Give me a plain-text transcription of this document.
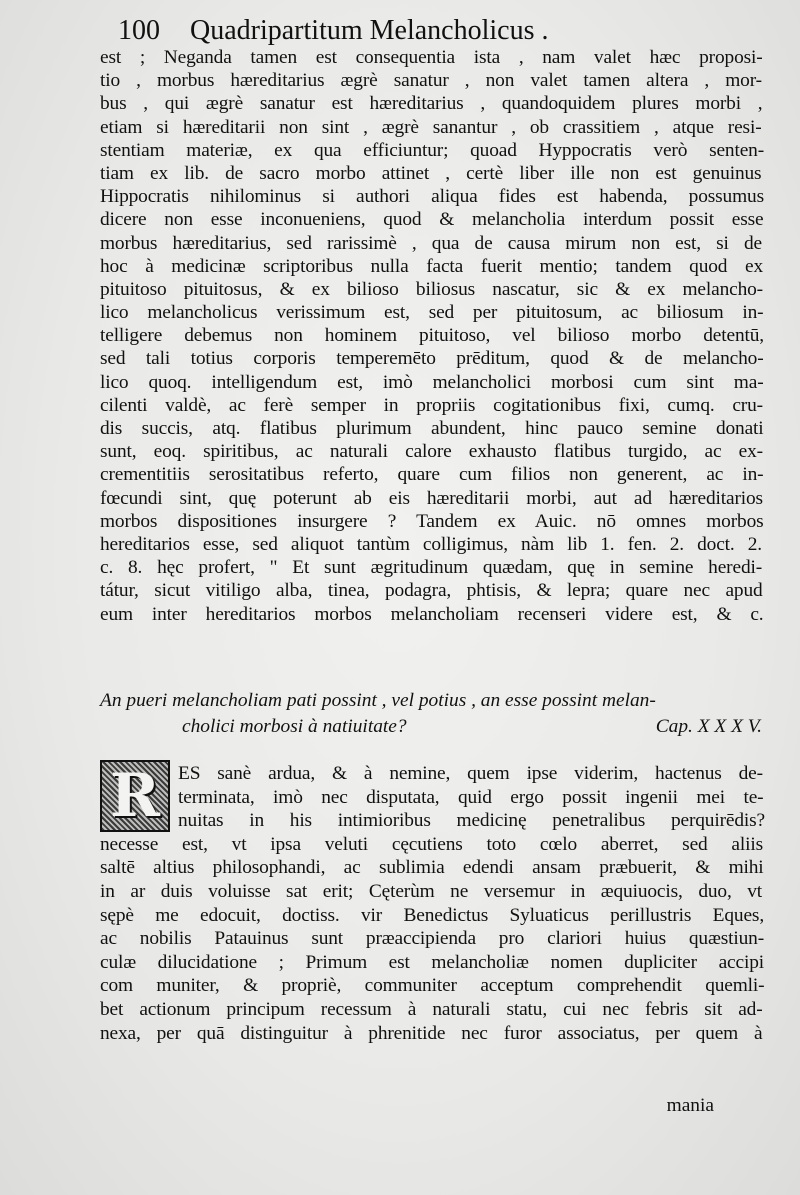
100 Quadripartitum Melancholicus .
est ; Neganda tamen est consequentia ista , nam valet hæc proposi-
tio , morbus hæreditarius ægrè sanatur , non valet tamen altera , mor-
bus , qui ægrè sanatur est hæreditarius , quandoquidem plures morbi ,
etiam si hæreditarii non sint , ægrè sanantur , ob crassitiem , atque resi-
stentiam materiæ, ex qua efficiuntur; quoad Hyppocratis verò senten-
tiam ex lib. de sacro morbo attinet , certè liber ille non est genuinus
Hippocratis nihilominus si authori aliqua fides est habenda, possumus
dicere non esse inconueniens, quod & melancholia interdum possit esse
morbus hæreditarius, sed rarissimè , qua de causa mirum non est, si de
hoc à medicinæ scriptoribus nulla facta fuerit mentio; tandem quod ex
pituitoso pituitosus, & ex bilioso biliosus nascatur, sic & ex melancho-
lico melancholicus verissimum est, sed per pituitosum, ac biliosum in-
telligere debemus non hominem pituitoso, vel bilioso morbo detentū,
sed tali totius corporis temperemēto prēditum, quod & de melancho-
lico quoq. intelligendum est, imò melancholici morbosi cum sint ma-
cilenti valdè, ac ferè semper in propriis cogitationibus fixi, cumq. cru-
dis succis, atq. flatibus plurimum abundent, hinc pauco semine donati
sunt, eoq. spiritibus, ac naturali calore exhausto flatibus turgido, ac ex-
crementitiis serositatibus referto, quare cum filios non generent, ac in-
fœcundi sint, quę poterunt ab eis hæreditarii morbi, aut ad hæreditarios
morbos dispositiones insurgere ? Tandem ex Auic. nō omnes morbos
hereditarios esse, sed aliquot tantùm colligimus, nàm lib 1. fen. 2. doct. 2.
c. 8. hęc profert, " Et sunt ægritudinum quædam, quę in semine heredi-
tátur, sicut vitiligo alba, tinea, podagra, phtisis, & lepra; quare nec apud
eum inter hereditarios morbos melancholiam recenseri videre est, & c.
An pueri melancholiam pati possint , vel potius , an esse possint melan-
cholici morbosi à natiuitate?	Cap. X X X V.
R ES sanè ardua, & à nemine, quem ipse viderim, hactenus de-
terminata, imò nec disputata, quid ergo possit ingenii mei te-
nuitas in his intimioribus medicinę penetralibus perquirēdis?
necesse est, vt ipsa veluti cęcutiens toto cœlo aberret, sed aliis
saltē altius philosophandi, ac sublimia edendi ansam præbuerit, & mihi
in ar duis voluisse sat erit; Cęterùm ne versemur in æquiuocis, duo, vt
sępè me edocuit, doctiss. vir Benedictus Syluaticus perillustris Eques,
ac nobilis Patauinus sunt præaccipienda pro clariori huius quæstiun-
culæ dilucidatione ; Primum est melancholiæ nomen dupliciter accipi
com muniter, & propriè, communiter acceptum comprehendit quemli-
bet actionum principum recessum à naturali statu, cui nec febris sit ad-
nexa, per quā distinguitur à phrenitide nec furor associatus, per quem à
mania
